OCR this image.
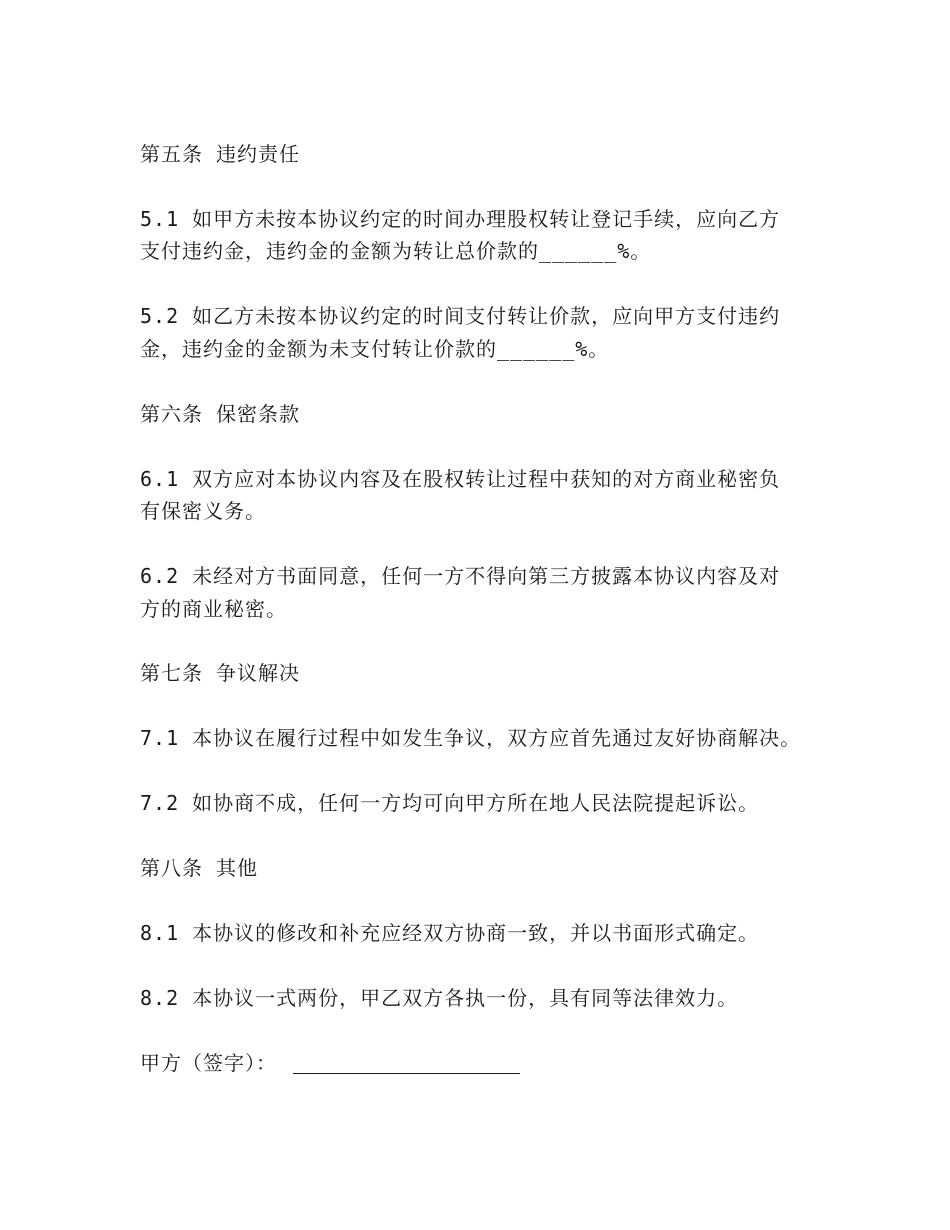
第五条 违约责任
5.1 如甲方未按本协议约定的时间办理股权转让登记手续，应向乙方
支付违约金，违约金的金额为转让总价款的______%。
5.2 如乙方未按本协议约定的时间支付转让价款，应向甲方支付违约
金，违约金的金额为未支付转让价款的______%。
第六条 保密条款
6.1 双方应对本协议内容及在股权转让过程中获知的对方商业秘密负
有保密义务。
6.2 未经对方书面同意，任何一方不得向第三方披露本协议内容及对
方的商业秘密。
第七条 争议解决
7.1 本协议在履行过程中如发生争议，双方应首先通过友好协商解决。
7.2 如协商不成，任何一方均可向甲方所在地人民法院提起诉讼。
第八条 其他
8.1 本协议的修改和补充应经双方协商一致，并以书面形式确定。
8.2 本协议一式两份，甲乙双方各执一份，具有同等法律效力。
甲方（签字）：
